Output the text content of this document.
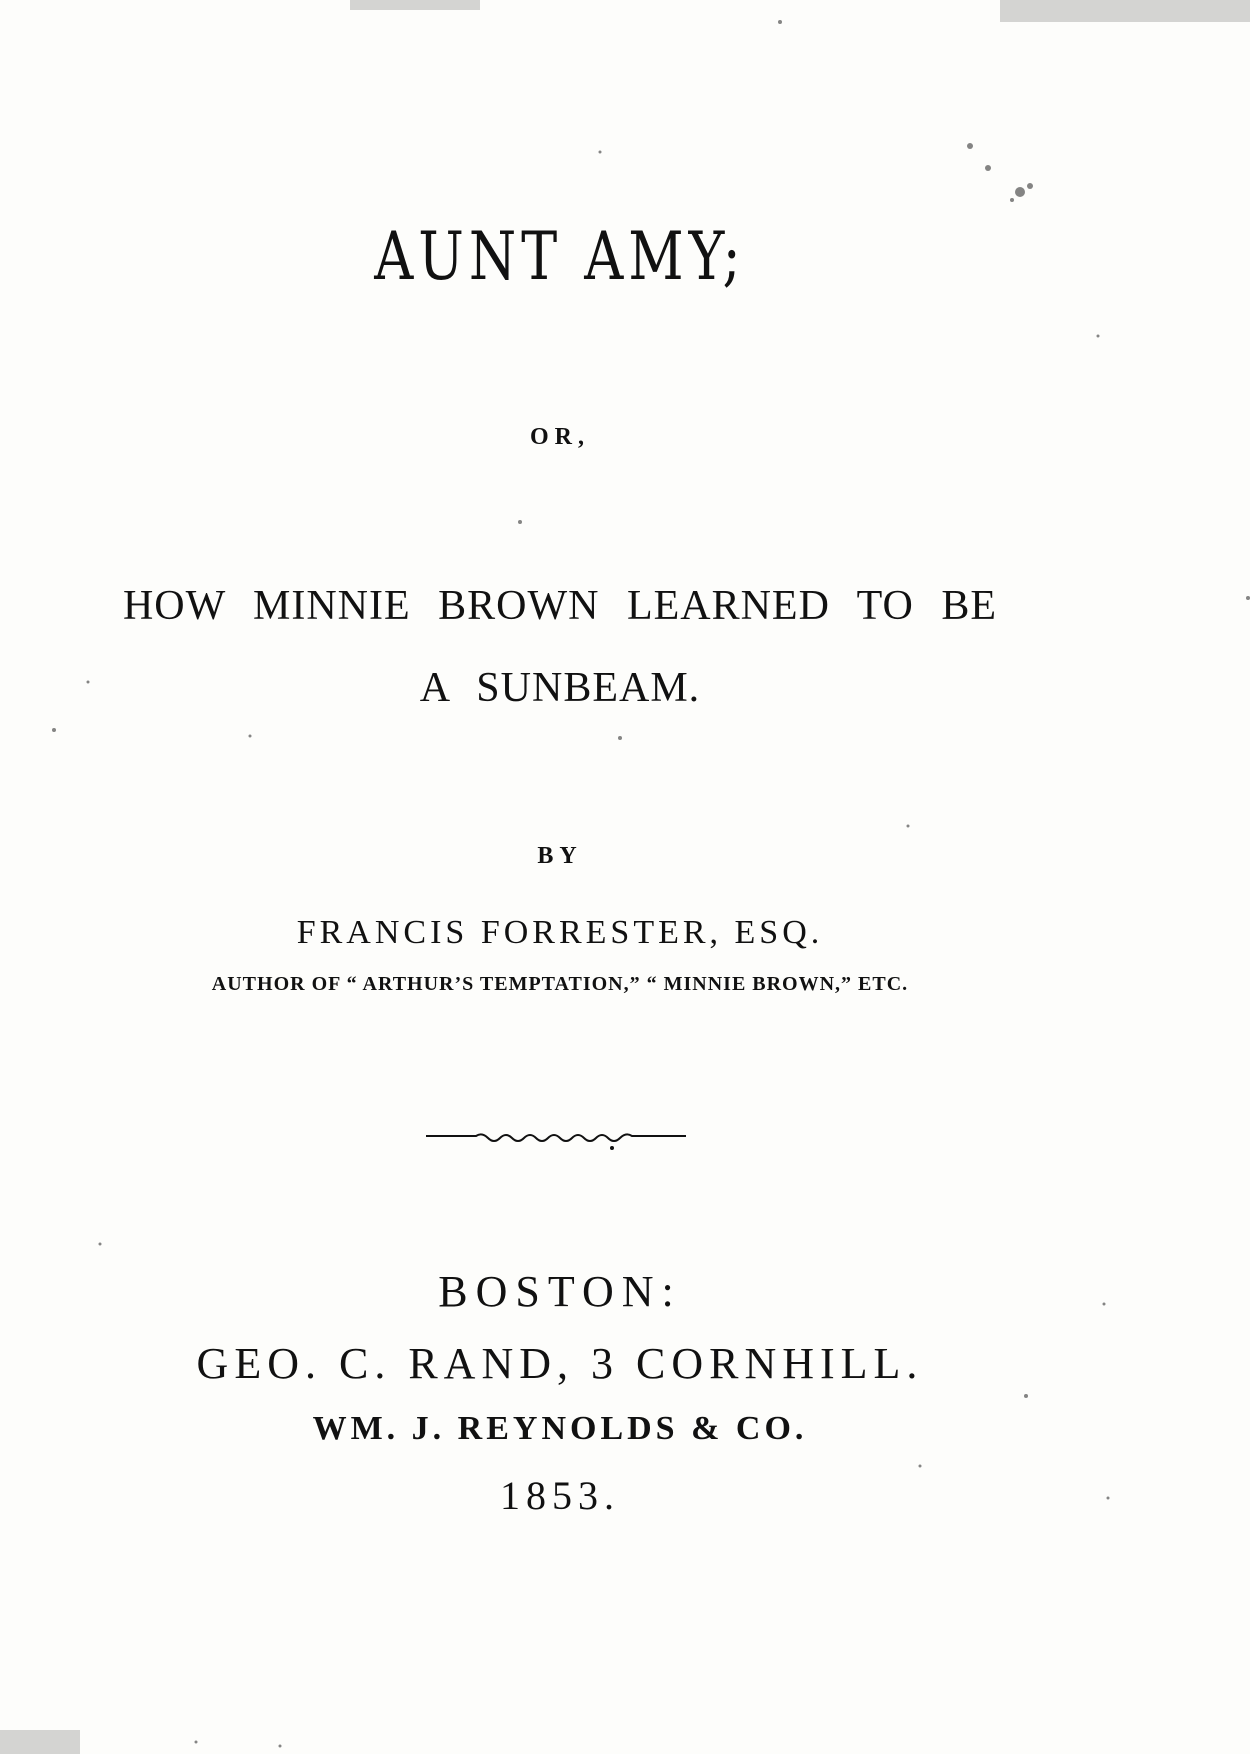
AUNT AMY;
OR,
HOW MINNIE BROWN LEARNED TO BE
A SUNBEAM.
BY
FRANCIS FORRESTER, ESQ.
AUTHOR OF “ ARTHUR’S TEMPTATION,” “ MINNIE BROWN,” ETC.
BOSTON:
GEO. C. RAND, 3 CORNHILL.
WM. J. REYNOLDS & CO.
1853.
